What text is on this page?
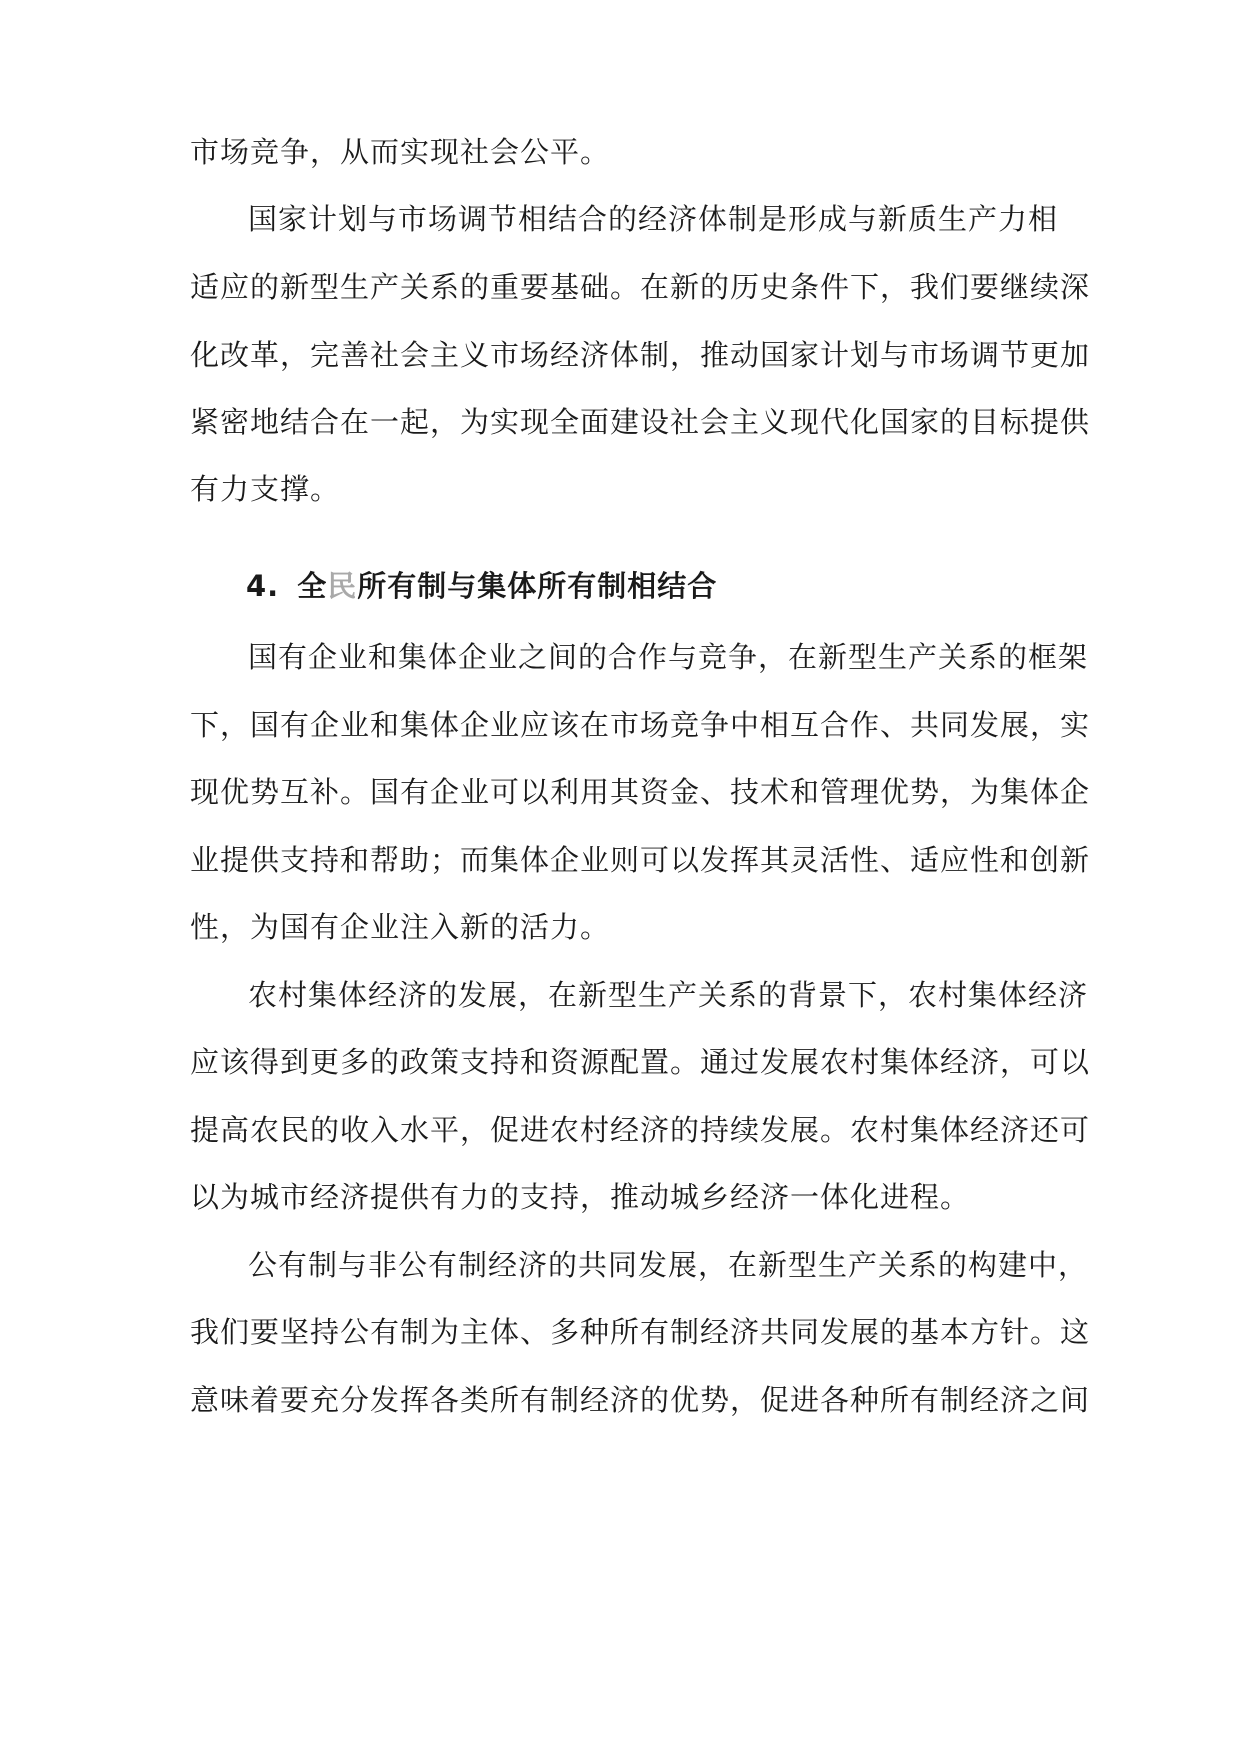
市场竞争，从而实现社会公平。
国家计划与市场调节相结合的经济体制是形成与新质生产力相
适应的新型生产关系的重要基础。在新的历史条件下，我们要继续深
化改革，完善社会主义市场经济体制，推动国家计划与市场调节更加
紧密地结合在一起，为实现全面建设社会主义现代化国家的目标提供
有力支撑。
4. 全民所有制与集体所有制相结合
国有企业和集体企业之间的合作与竞争，在新型生产关系的框架
下，国有企业和集体企业应该在市场竞争中相互合作、共同发展，实
现优势互补。国有企业可以利用其资金、技术和管理优势，为集体企
业提供支持和帮助；而集体企业则可以发挥其灵活性、适应性和创新
性，为国有企业注入新的活力。
农村集体经济的发展，在新型生产关系的背景下，农村集体经济
应该得到更多的政策支持和资源配置。通过发展农村集体经济，可以
提高农民的收入水平，促进农村经济的持续发展。农村集体经济还可
以为城市经济提供有力的支持，推动城乡经济一体化进程。
公有制与非公有制经济的共同发展，在新型生产关系的构建中，
我们要坚持公有制为主体、多种所有制经济共同发展的基本方针。这
意味着要充分发挥各类所有制经济的优势，促进各种所有制经济之间
